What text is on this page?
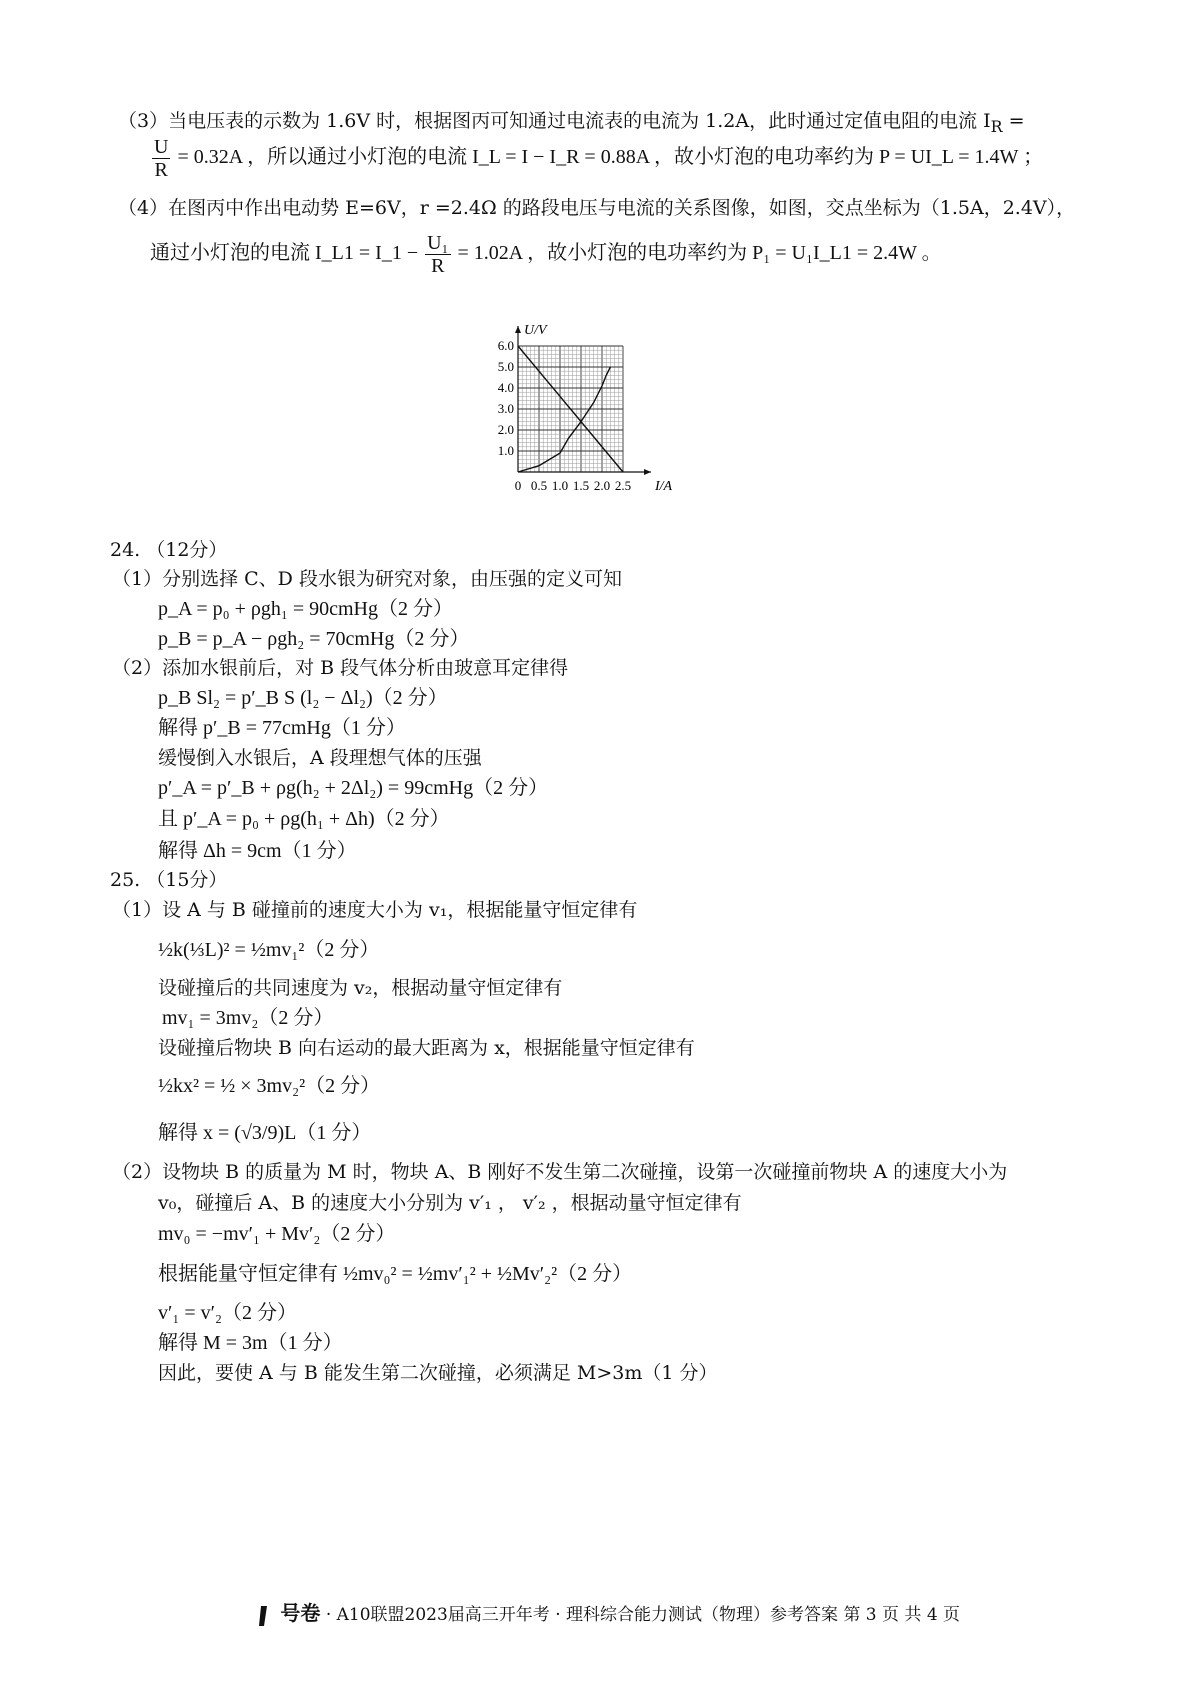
（3）当电压表的示数为 1.6V 时，根据图丙可知通过电流表的电流为 1.2A，此时通过定值电阻的电流 $I_R$ =
$\frac{U}{R} = 0.32A$ ，所以通过小灯泡的电流 I_L = I − I_R = 0.88A ，故小灯泡的电功率约为 P = UI_L = 1.4W ；
（4）在图丙中作出电动势 E=6V，r =2.4Ω 的路段电压与电流的关系图像，如图，交点坐标为（1.5A，2.4V），
通过小灯泡的电流 I_L1 = I_1 − $\frac{\text{U₁}}{R} = 1.02A$ ，故小灯泡的电功率约为 P₁ = U₁I_L1 = 2.4W 。
0 0.5 1.0 1.5 2.0 2.5
1.0
2.0
3.0
4.0
5.0
6.0
I/A
U/V
24. （12分）
（1）分别选择 C、D 段水银为研究对象，由压强的定义可知
p_A = p₀ + ρgh₁ = 90cmHg（2 分）
p_B = p_A − ρgh₂ = 70cmHg（2 分）
（2）添加水银前后，对 B 段气体分析由玻意耳定律得
p_B Sl₂ = p′_B S (l₂ − Δl₂)（2 分）
解得 p′_B = 77cmHg（1 分）
缓慢倒入水银后，A 段理想气体的压强
p′_A = p′_B + ρg(h₂ + 2Δl₂) = 99cmHg（2 分）
且 p′_A = p₀ + ρg(h₁ + Δh)（2 分）
解得 Δh = 9cm（1 分）
25. （15分）
（1）设 A 与 B 碰撞前的速度大小为 v₁，根据能量守恒定律有
½k(⅓L)² = ½mv₁²（2 分）
设碰撞后的共同速度为 v₂，根据动量守恒定律有
mv₁ = 3mv₂（2 分）
设碰撞后物块 B 向右运动的最大距离为 x，根据能量守恒定律有
½kx² = ½ × 3mv₂²（2 分）
解得 x = (√3/9)L（1 分）
（2）设物块 B 的质量为 M 时，物块 A、B 刚好不发生第二次碰撞，设第一次碰撞前物块 A 的速度大小为
v₀，碰撞后 A、B 的速度大小分别为 v′₁ ， v′₂ ，根据动量守恒定律有
mv₀ = −mv′₁ + Mv′₂（2 分）
根据能量守恒定律有 ½mv₀² = ½mv′₁² + ½Mv′₂²（2 分）
v′₁ = v′₂（2 分）
解得 M = 3m（1 分）
因此，要使 A 与 B 能发生第二次碰撞，必须满足 M>3m（1 分）
号卷 · A10联盟2023届高三开年考 · 理科综合能力测试（物理）参考答案 第 3 页 共 4 页
